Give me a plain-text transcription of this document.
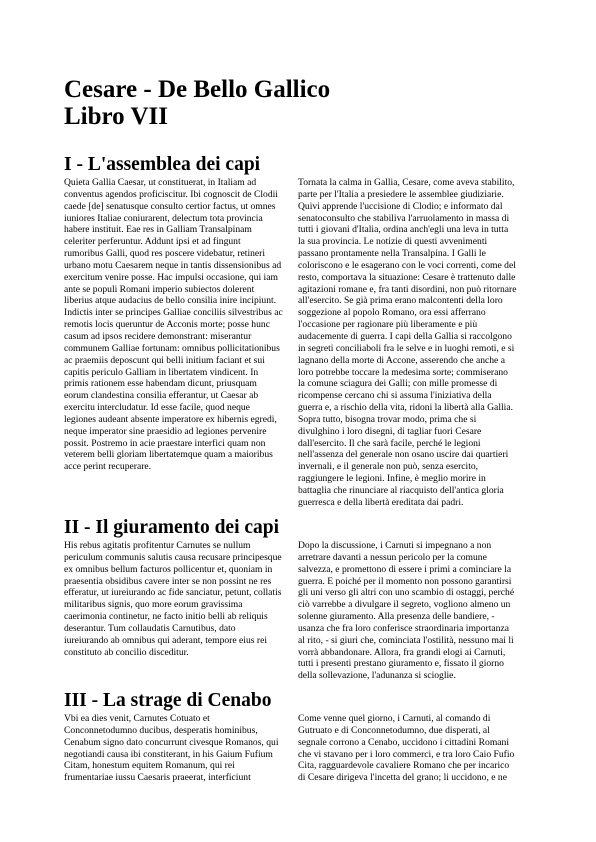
Cesare - De Bello Gallico
Libro VII
I - L'assemblea dei capi
Quieta Gallia Caesar, ut constituerat, in Italiam ad
conventus agendos proficiscitur. Ibi cognoscit de Clodii
caede [de] senatusque consulto certior factus, ut omnes
iuniores Italiae coniurarent, delectum tota provincia
habere instituit. Eae res in Galliam Transalpinam
celeriter perferuntur. Addunt ipsi et ad fingunt
rumoribus Galli, quod res poscere videbatur, retineri
urbano motu Caesarem neque in tantis dissensionibus ad
exercitum venire posse. Hac impulsi occasione, qui iam
ante se populi Romani imperio subiectos dolerent
liberius atque audacius de bello consilia inire incipiunt.
Indictis inter se principes Galliae conciliis silvestribus ac
remotis locis queruntur de Acconis morte; posse hunc
casum ad ipsos recidere demonstrant: miserantur
communem Galliae fortunam: omnibus pollicitationibus
ac praemiis deposcunt qui belli initium faciant et sui
capitis periculo Galliam in libertatem vindicent. In
primis rationem esse habendam dicunt, priusquam
eorum clandestina consilia efferantur, ut Caesar ab
exercitu intercludatur. Id esse facile, quod neque
legiones audeant absente imperatore ex hibernis egredi,
neque imperator sine praesidio ad legiones pervenire
possit. Postremo in acie praestare interfici quam non
veterem belli gloriam libertatemque quam a maioribus
acce perint recuperare.
Tornata la calma in Gallia, Cesare, come aveva stabilito,
parte per l'Italia a presiedere le assemblee giudiziarie.
Quivi apprende l'uccisione di Clodio; e informato dal
senatoconsulto che stabiliva l'arruolamento in massa di
tutti i giovani d'Italia, ordina anch'egli una leva in tutta
la sua provincia. Le notizie di questi avvenimenti
passano prontamente nella Transalpina. I Galli le
coloriscono e le esagerano con le voci correnti, come del
resto, comportava la situazione: Cesare è trattenuto dalle
agitazioni romane e, fra tanti disordini, non può ritornare
all'esercito. Se già prima erano malcontenti della loro
soggezione al popolo Romano, ora essi afferrano
l'occasione per ragionare più liberamente e più
audacemente di guerra. I capi della Gallia si raccolgono
in segreti conciliaboli fra le selve e in luoghi remoti, e si
lagnano della morte di Accone, asserendo che anche a
loro potrebbe toccare la medesima sorte; commiserano
la comune sciagura dei Galli; con mille promesse di
ricompense cercano chi si assuma l'iniziativa della
guerra e, a rischio della vita, ridoni la libertà alla Gallia.
Sopra tutto, bisogna trovar modo, prima che si
divulghino i loro disegni, di tagliar fuori Cesare
dall'esercito. Il che sarà facile, perché le legioni
nell'assenza del generale non osano uscire dai quartieri
invernali, e il generale non può, senza esercito,
raggiungere le legioni. Infine, è meglio morire in
battaglia che rinunciare al riacquisto dell'antica gloria
guerresca e della libertà ereditata dai padri.
II - Il giuramento dei capi
His rebus agitatis profitentur Carnutes se nullum
periculum communis salutis causa recusare principesque
ex omnibus bellum facturos pollicentur et, quoniam in
praesentia obsidibus cavere inter se non possint ne res
efferatur, ut iureiurando ac fide sanciatur, petunt, collatis
militaribus signis, quo more eorum gravissima
caerimonia continetur, ne facto initio belli ab reliquis
deserantur. Tum collaudatis Carnutibus, dato
iureiurando ab omnibus qui aderant, tempore eius rei
constituto ab concilio disceditur.
Dopo la discussione, i Carnuti si impegnano a non
arretrare davanti a nessun pericolo per la comune
salvezza, e promettono di essere i primi a cominciare la
guerra. E poiché per il momento non possono garantirsi
gli uni verso gli altri con uno scambio di ostaggi, perché
ciò varrebbe a divulgare il segreto, vogliono almeno un
solenne giuramento. Alla presenza delle bandiere, -
usanza che fra loro conferisce straordinaria importanza
al rito, - si giuri che, cominciata l'ostilità, nessuno mai li
vorrà abbandonare. Allora, fra grandi elogi ai Carnuti,
tutti i presenti prestano giuramento e, fissato il giorno
della sollevazione, l'adunanza si scioglie.
III - La strage di Cenabo
Vbi ea dies venit, Carnutes Cotuato et
Conconnetodumno ducibus, desperatis hominibus,
Cenabum signo dato concurrunt civesque Romanos, qui
negotiandi causa ibi constiterant, in his Gaium Fufium
Citam, honestum equitem Romanum, qui rei
frumentariae iussu Caesaris praeerat, interficiunt
Come venne quel giorno, i Carnuti, al comando di
Gutruato e di Conconnetodumno, due disperati, al
segnale corrono a Cenabo, uccidono i cittadini Romani
che vi stavano per i loro commerci, e tra loro Caio Fufio
Cita, ragguardevole cavaliere Romano che per incarico
di Cesare dirigeva l'incetta del grano; li uccidono, e ne
